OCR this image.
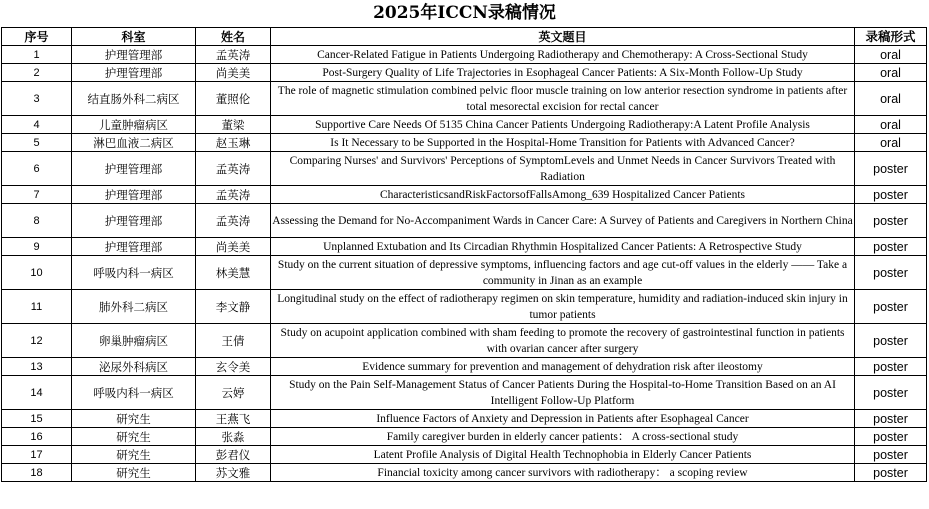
2025年ICCN录稿情况
序号	科室	姓名	英文题目	录稿形式
1	护理管理部	孟英涛	Cancer-Related Fatigue in Patients Undergoing Radiotherapy and Chemotherapy: A Cross-Sectional Study	oral
2	护理管理部	尚美美	Post-Surgery Quality of Life Trajectories in Esophageal Cancer Patients: A Six-Month Follow-Up Study	oral
3	结直肠外科二病区	董照伦	The role of magnetic stimulation combined pelvic floor muscle training on low anterior resection syndrome in patients after total mesorectal excision for rectal cancer	oral
4	儿童肿瘤病区	董梁	Supportive Care Needs Of 5135 China Cancer Patients Undergoing Radiotherapy:A Latent Profile Analysis	oral
5	淋巴血液二病区	赵玉琳	Is It Necessary to be Supported in the Hospital-Home Transition for Patients with Advanced Cancer?	oral
6	护理管理部	孟英涛	Comparing Nurses' and Survivors' Perceptions of SymptomLevels and Unmet Needs in Cancer Survivors Treated with Radiation	poster
7	护理管理部	孟英涛	CharacteristicsandRiskFactorsofFallsAmong_639 Hospitalized Cancer Patients	poster
8	护理管理部	孟英涛	Assessing the Demand for No-Accompaniment Wards in Cancer Care: A Survey of Patients and Caregivers in Northern China	poster
9	护理管理部	尚美美	Unplanned Extubation and Its Circadian Rhythmin Hospitalized Cancer Patients: A Retrospective Study	poster
10	呼吸内科一病区	林美慧	Study on the current situation of depressive symptoms, influencing factors and age cut-off values in the elderly —— Take a community in Jinan as an example	poster
11	肺外科二病区	李文静	Longitudinal study on the effect of radiotherapy regimen on skin temperature, humidity and radiation-induced skin injury in tumor patients	poster
12	卵巢肿瘤病区	王倩	Study on acupoint application combined with sham feeding to promote the recovery of gastrointestinal function in patients with ovarian cancer after surgery	poster
13	泌尿外科病区	玄令美	Evidence summary for prevention and management of dehydration risk after ileostomy	poster
14	呼吸内科一病区	云婷	Study on the Pain Self-Management Status of Cancer Patients During the Hospital-to-Home Transition Based on an AI Intelligent Follow-Up Platform	poster
15	研究生	王燕飞	Influence Factors of Anxiety and Depression in Patients after Esophageal Cancer	poster
16	研究生	张淼	Family caregiver burden in elderly cancer patients： A cross-sectional study	poster
17	研究生	彭君仪	Latent Profile Analysis of Digital Health Technophobia in Elderly Cancer Patients	poster
18	研究生	苏文雅	Financial toxicity among cancer survivors with radiotherapy： a scoping review	poster
